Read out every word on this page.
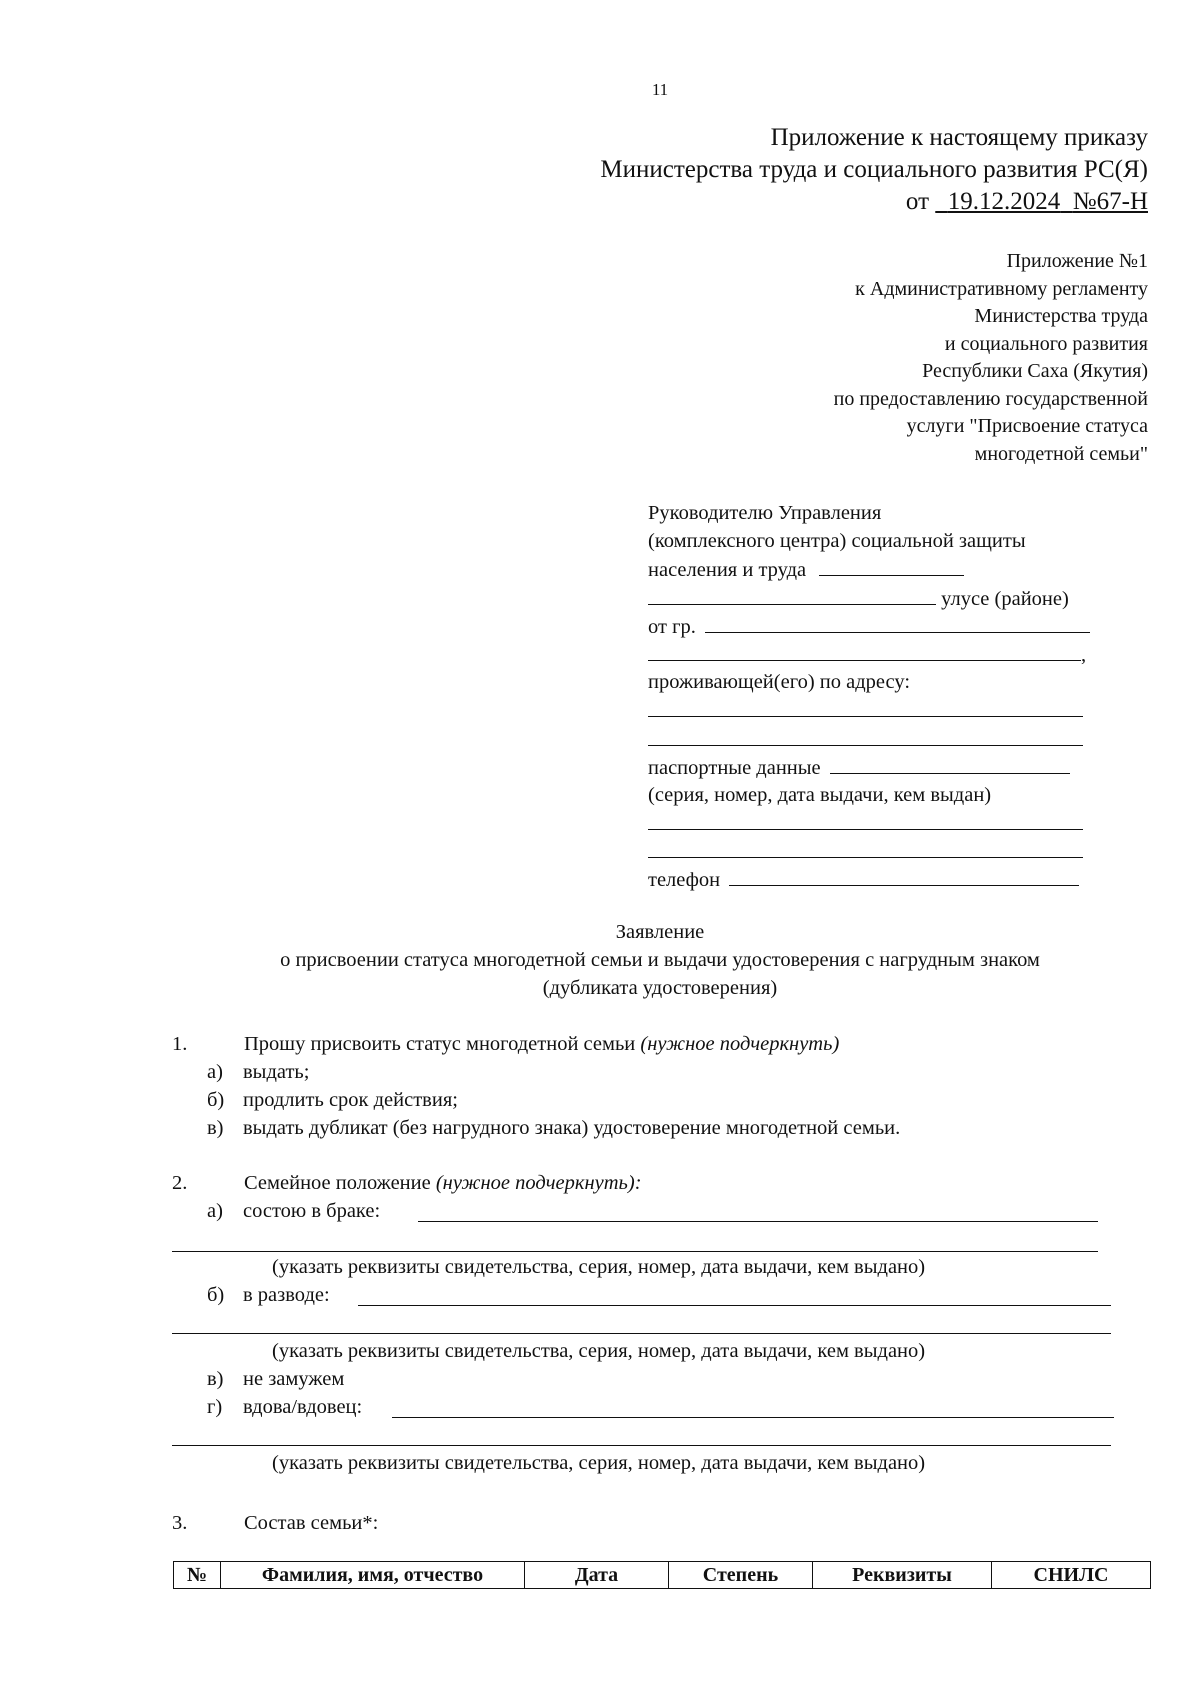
11
Приложение к настоящему приказу
Министерства труда и социального развития РС(Я)
от 19.12.2024 №67-Н
Приложение №1
к Административному регламенту
Министерства труда
и социального развития
Республики Саха (Якутия)
по предоставлению государственной
услуги "Присвоение статуса
многодетной семьи"
Руководителю Управления
(комплексного центра) социальной защиты
населения и труда
улусе (районе)
от гр.
,
проживающей(его) по адресу:
паспортные данные
(серия, номер, дата выдачи, кем выдан)
телефон
Заявление
о присвоении статуса многодетной семьи и выдачи удостоверения с нагрудным знаком
(дубликата удостоверения)
1.	Прошу присвоить статус многодетной семьи (нужное подчеркнуть)
а) выдать;
б) продлить срок действия;
в) выдать дубликат (без нагрудного знака) удостоверение многодетной семьи.
2.	Семейное положение (нужное подчеркнуть):
а) состою в браке:
(указать реквизиты свидетельства, серия, номер, дата выдачи, кем выдано)
б) в разводе:
(указать реквизиты свидетельства, серия, номер, дата выдачи, кем выдано)
в) не замужем
г) вдова/вдовец:
(указать реквизиты свидетельства, серия, номер, дата выдачи, кем выдано)
3.	Состав семьи*:
№	Фамилия, имя, отчество	Дата	Степень	Реквизиты	СНИЛС
